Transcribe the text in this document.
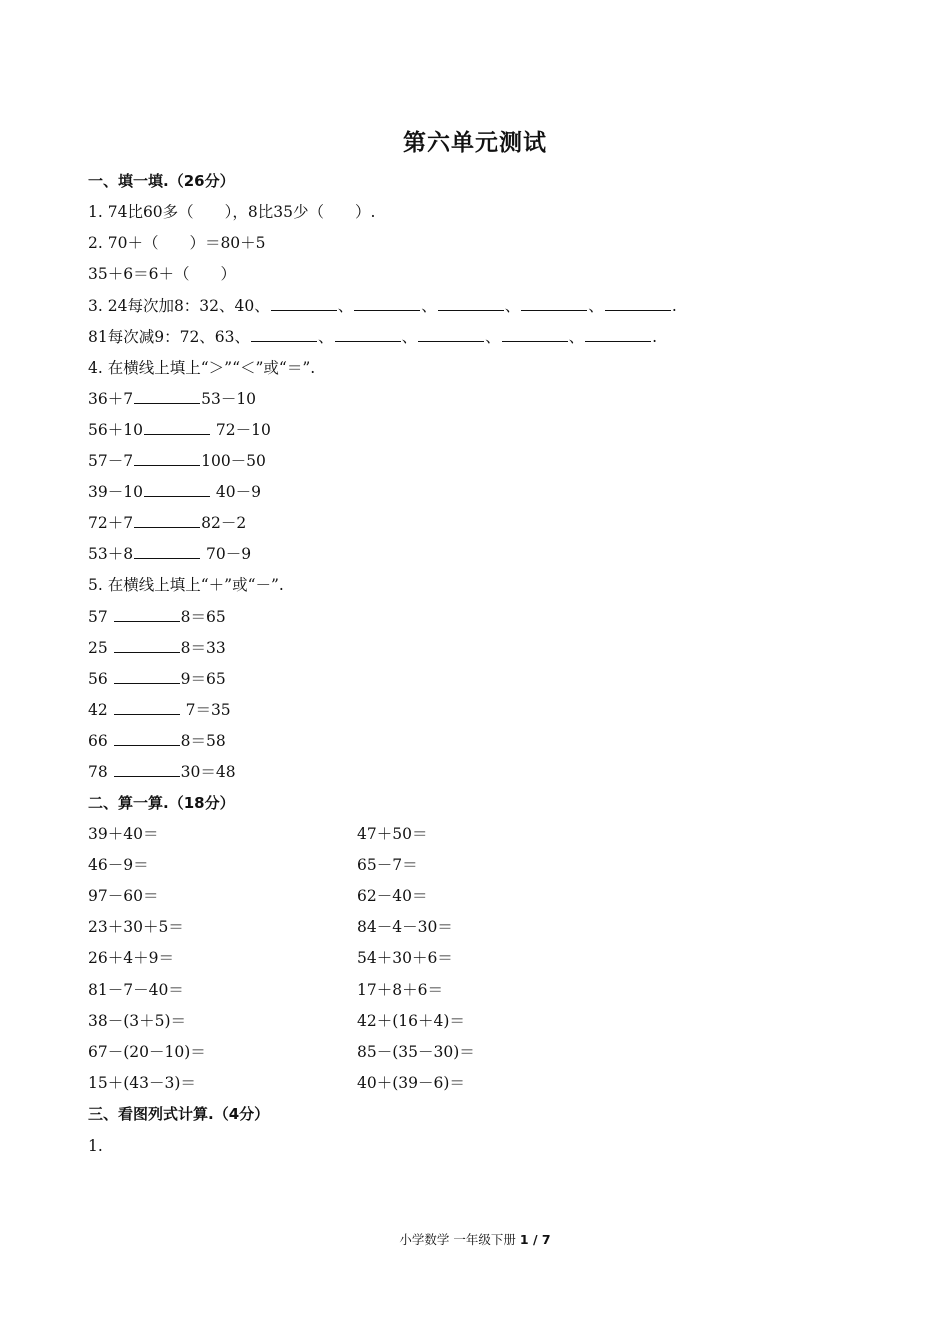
第六单元测试
一、填一填.（26分）
1. 74比60多（　　），8比35少（　　）.
2. 70＋（　　）＝80＋5
35＋6＝6＋（　　）
3. 24每次加8：32、40、	、	、	、	、	.
81每次减9：72、63、	、	、	、	、	.
4. 在横线上填上“＞”“＜”或“＝”.
36＋7	53－10
56＋10	72－10
57－7	100－50
39－10	40－9
72＋7	82－2
53＋8	70－9
5. 在横线上填上“＋”或“－”.
57	8＝65
25	8＝33
56	9＝65
42	7＝35
66	8＝58
78	30＝48
二、算一算.（18分）
39＋40＝	47＋50＝
46－9＝	65－7＝
97－60＝	62－40＝
23＋30＋5＝	84－4－30＝
26＋4＋9＝	54＋30＋6＝
81－7－40＝	17＋8＋6＝
38－(3＋5)＝	42＋(16＋4)＝
67－(20－10)＝	85－(35－30)＝
15＋(43－3)＝	40＋(39－6)＝
三、看图列式计算.（4分）
1.
小学数学 一年级下册 1 / 7
